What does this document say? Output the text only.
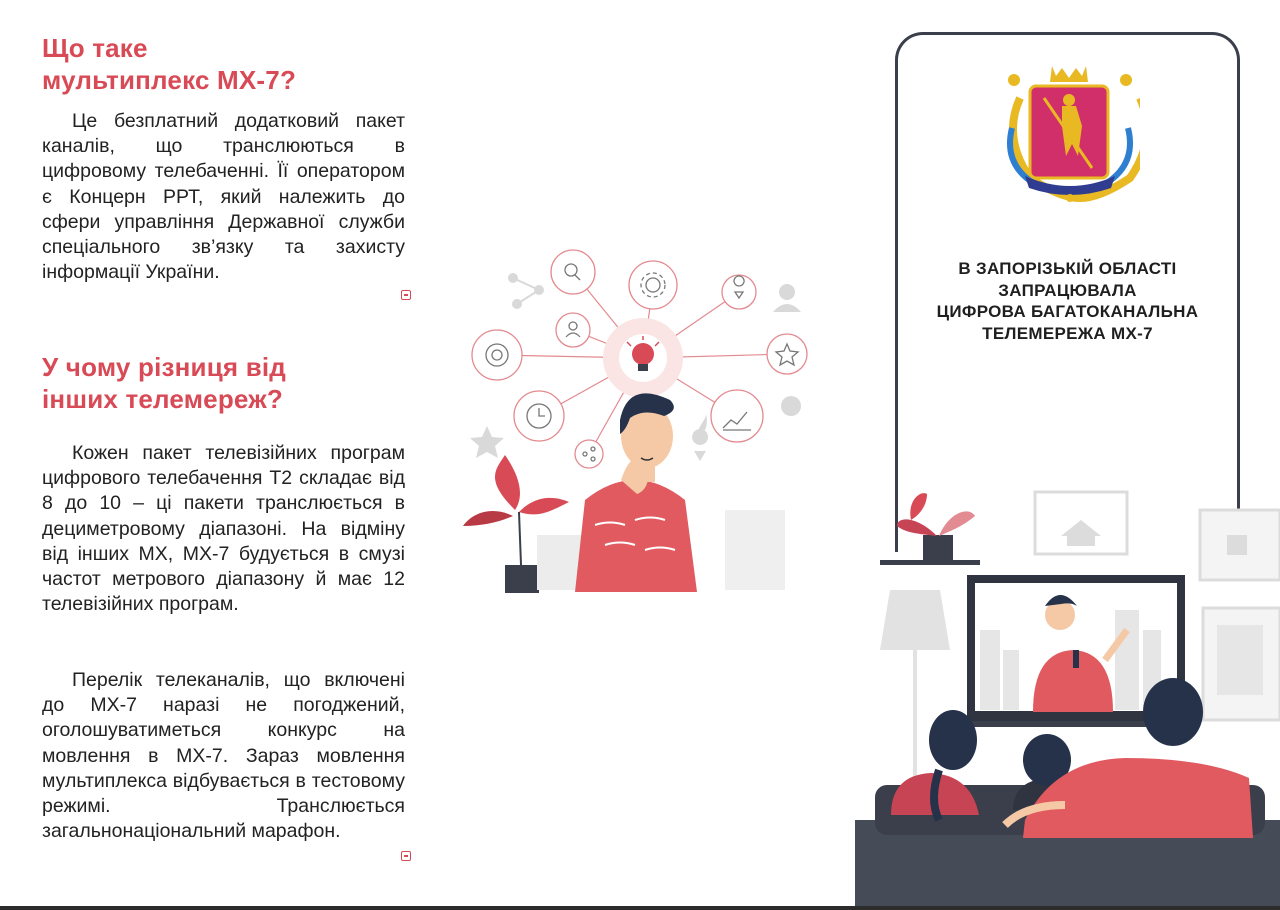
Що таке
мультиплекс МХ-7?

Це безплатний додатковий пакет каналів, що транслюються в цифровому телебаченні. Її оператором є Концерн РРТ, який належить до сфери управління Державної служби спеціального зв’язку та захисту інформації України.

У чому різниця від
інших телемереж?

Кожен пакет телевізійних програм цифрового телебачення Т2 складає від 8 до 10 – ці пакети транслюється в дециметровому діапазоні. На відміну від інших МХ, МХ-7 будується в смузі частот метрового діапазону й має 12 телевізійних програм.

Перелік телеканалів, що включені до МХ-7 наразі не погоджений, оголошуватиметься конкурс на мовлення в МХ-7. Зараз мовлення мультиплекса відбувається в тестовому режимі. Транслюється загальнонаціональний марафон.

В ЗАПОРІЗЬКІЙ ОБЛАСТІ
ЗАПРАЦЮВАЛА
ЦИФРОВА БАГАТОКАНАЛЬНА
ТЕЛЕМЕРЕЖА МХ-7
